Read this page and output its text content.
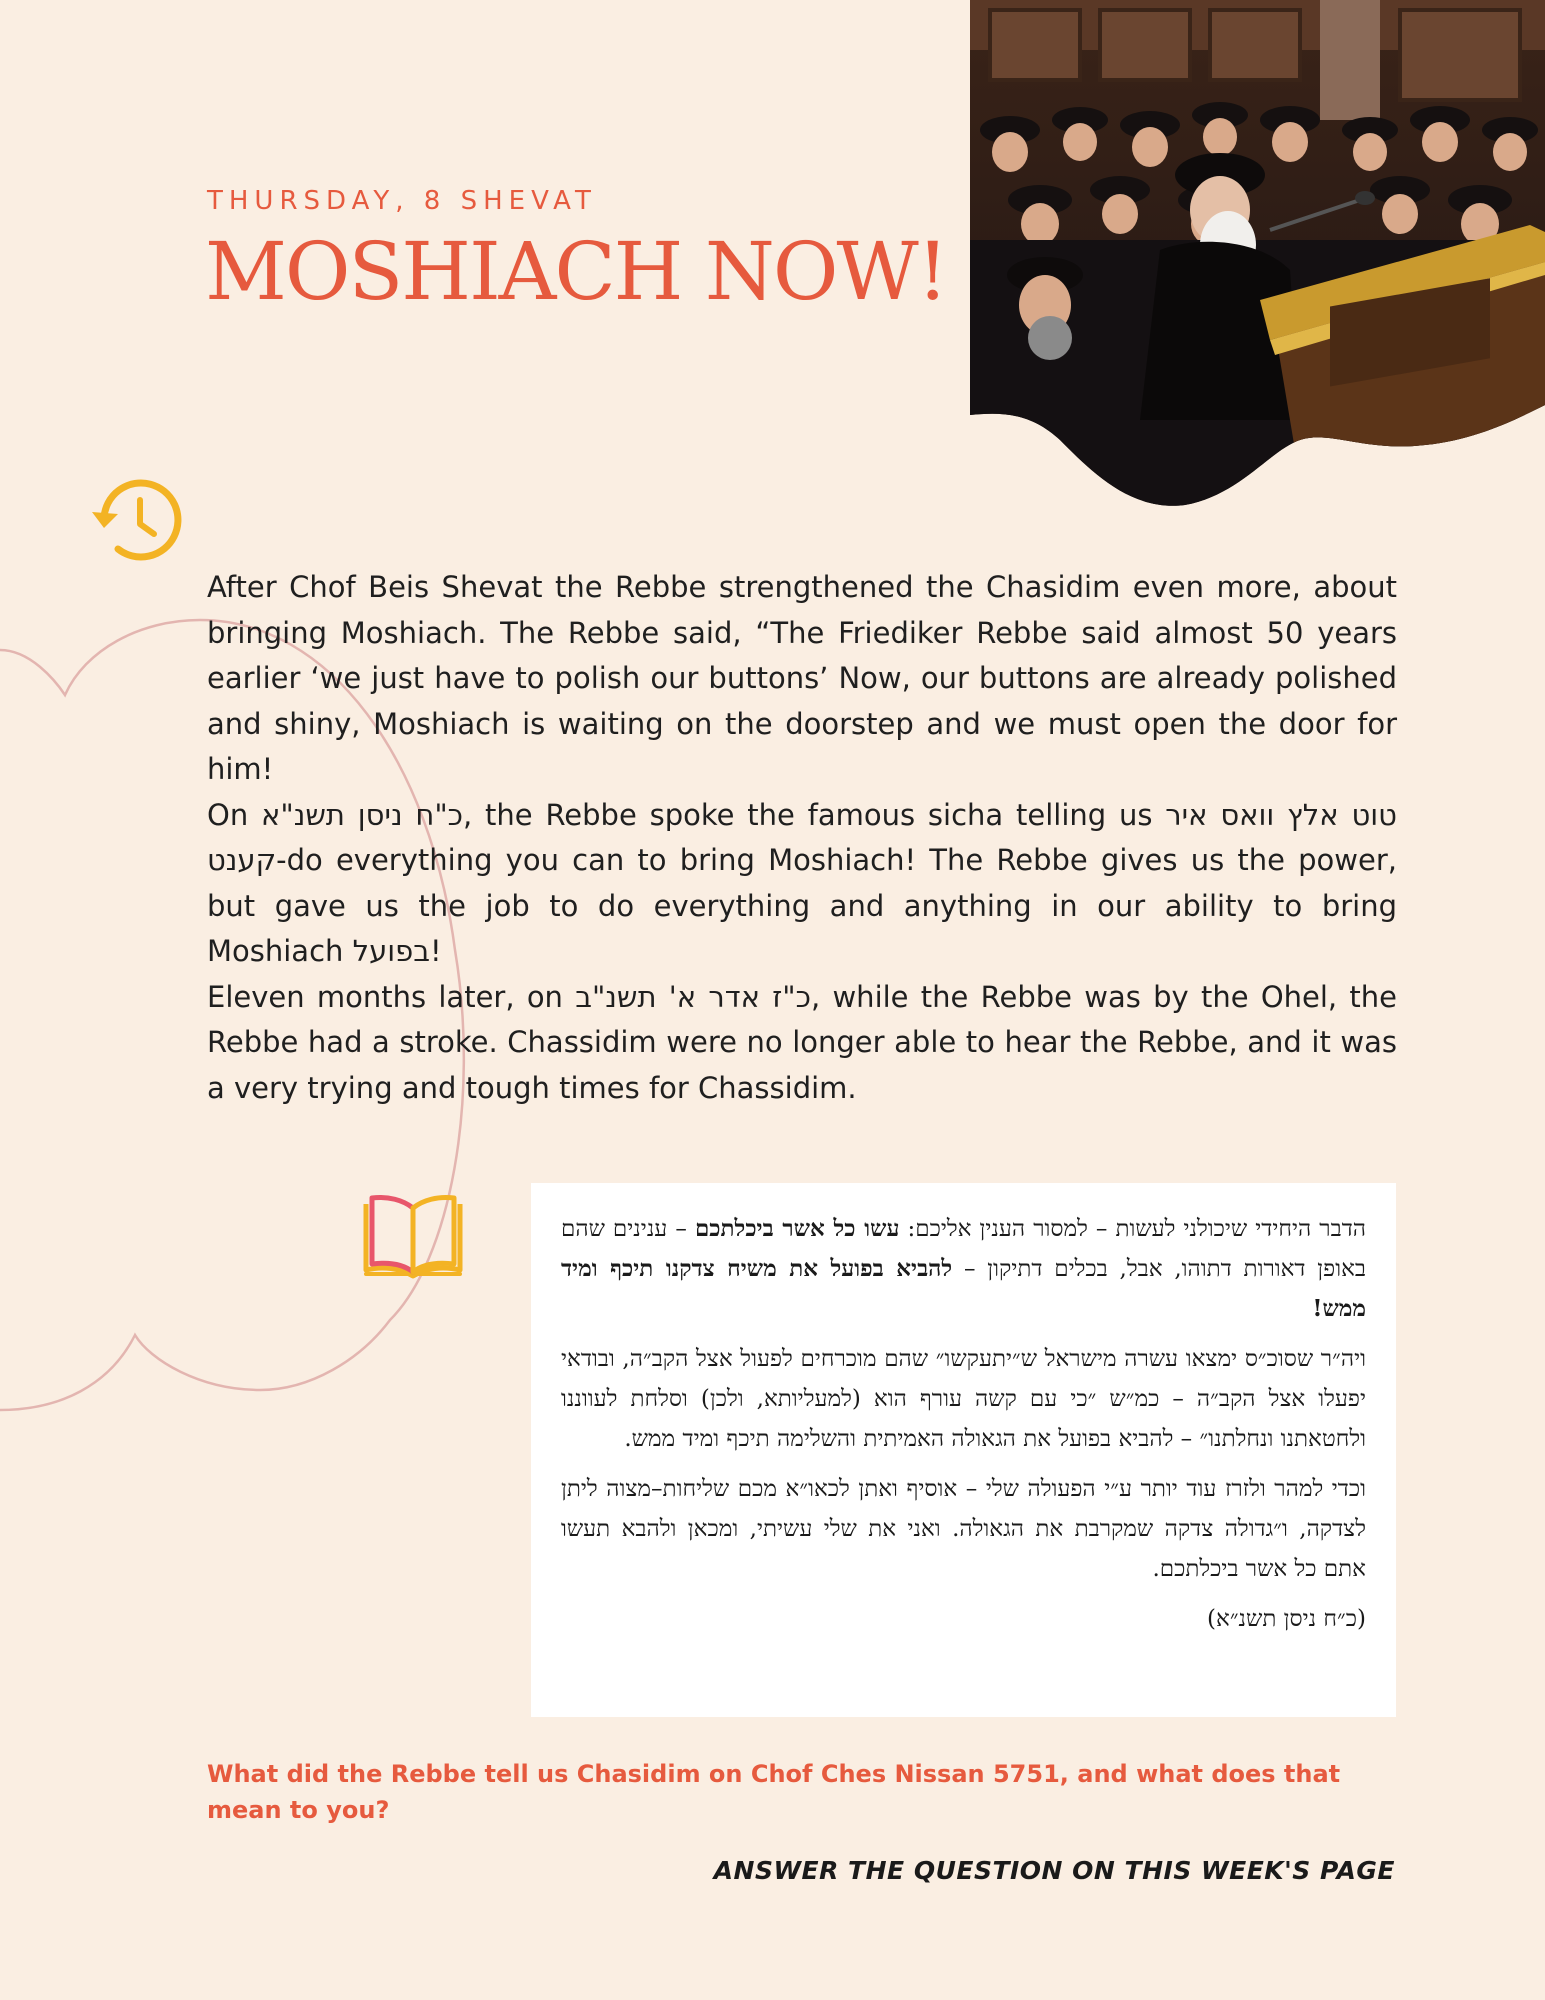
THURSDAY, 8 SHEVAT
MOSHIACH NOW!

After Chof Beis Shevat the Rebbe strengthened the Chasidim even more, about bringing Moshiach. The Rebbe said, “The Friediker Rebbe said almost 50 years earlier ‘we just have to polish our buttons’ Now, our buttons are already polished and shiny, Moshiach is waiting on the doorstep and we must open the door for him!

On כ"ח ניסן תשנ"א, the Rebbe spoke the famous sicha telling us טוט אלץ וואס איר קענט-do everything you can to bring Moshiach! The Rebbe gives us the power, but gave us the job to do everything and anything in our ability to bring Moshiach בפועל!

Eleven months later, on כ"ז אדר א' תשנ"ב, while the Rebbe was by the Ohel, the Rebbe had a stroke. Chassidim were no longer able to hear the Rebbe, and it was a very trying and tough times for Chassidim.

הדבר היחידי שיכולני לעשות – למסור הענין אליכם: עשו כל אשר ביכלתכם – ענינים שהם באופן דאורות דתוהו, אבל, בכלים דתיקון – להביא בפועל את משיח צדקנו תיכף ומיד ממש!

ויה״ר שסוכ״ס ימצאו עשרה מישראל ש״יתעקשו״ שהם מוכרחים לפעול אצל הקב״ה, ובודאי יפעלו אצל הקב״ה – כמ״ש ״כי עם קשה עורף הוא (למעליותא, ולכן) וסלחת לעווננו ולחטאתנו ונחלתנו״ – להביא בפועל את הגאולה האמיתית והשלימה תיכף ומיד ממש.

וכדי למהר ולזרז עוד יותר ע״י הפעולה שלי – אוסיף ואתן לכאו״א מכם שליחות–מצוה ליתן לצדקה, ו״גדולה צדקה שמקרבת את הגאולה. ואני את שלי עשיתי, ומכאן ולהבא תעשו אתם כל אשר ביכלתכם.

(כ״ח ניסן תשנ״א)

What did the Rebbe tell us Chasidim on Chof Ches Nissan 5751, and what does that mean to you?
ANSWER THE QUESTION ON THIS WEEK'S PAGE
